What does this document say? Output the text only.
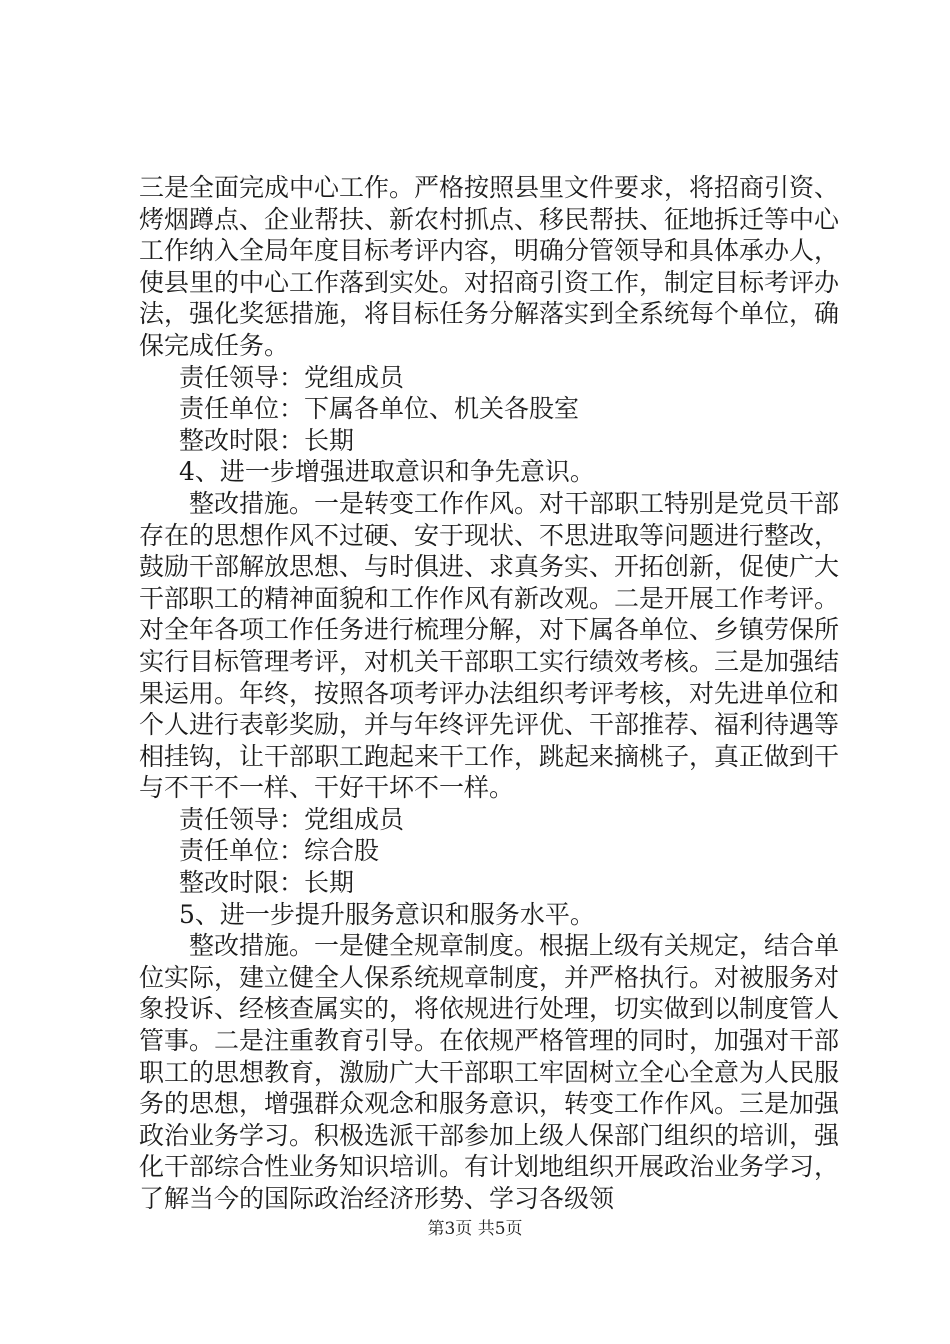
三是全面完成中心工作。严格按照县里文件要求，将招商引资、烤烟蹲点、企业帮扶、新农村抓点、移民帮扶、征地拆迁等中心工作纳入全局年度目标考评内容，明确分管领导和具体承办人，使县里的中心工作落到实处。对招商引资工作，制定目标考评办法，强化奖惩措施，将目标任务分解落实到全系统每个单位，确保完成任务。

责任领导：党组成员

责任单位：下属各单位、机关各股室

整改时限：长期

4、进一步增强进取意识和争先意识。

整改措施。一是转变工作作风。对干部职工特别是党员干部存在的思想作风不过硬、安于现状、不思进取等问题进行整改，鼓励干部解放思想、与时俱进、求真务实、开拓创新，促使广大干部职工的精神面貌和工作作风有新改观。二是开展工作考评。对全年各项工作任务进行梳理分解，对下属各单位、乡镇劳保所实行目标管理考评，对机关干部职工实行绩效考核。三是加强结果运用。年终，按照各项考评办法组织考评考核，对先进单位和个人进行表彰奖励，并与年终评先评优、干部推荐、福利待遇等相挂钩，让干部职工跑起来干工作，跳起来摘桃子，真正做到干与不干不一样、干好干坏不一样。

责任领导：党组成员

责任单位：综合股

整改时限：长期

5、进一步提升服务意识和服务水平。

整改措施。一是健全规章制度。根据上级有关规定，结合单位实际，建立健全人保系统规章制度，并严格执行。对被服务对象投诉、经核查属实的，将依规进行处理，切实做到以制度管人管事。二是注重教育引导。在依规严格管理的同时，加强对干部职工的思想教育，激励广大干部职工牢固树立全心全意为人民服务的思想，增强群众观念和服务意识，转变工作作风。三是加强政治业务学习。积极选派干部参加上级人保部门组织的培训，强化干部综合性业务知识培训。有计划地组织开展政治业务学习，了解当今的国际政治经济形势、学习各级领

第3页 共5页
